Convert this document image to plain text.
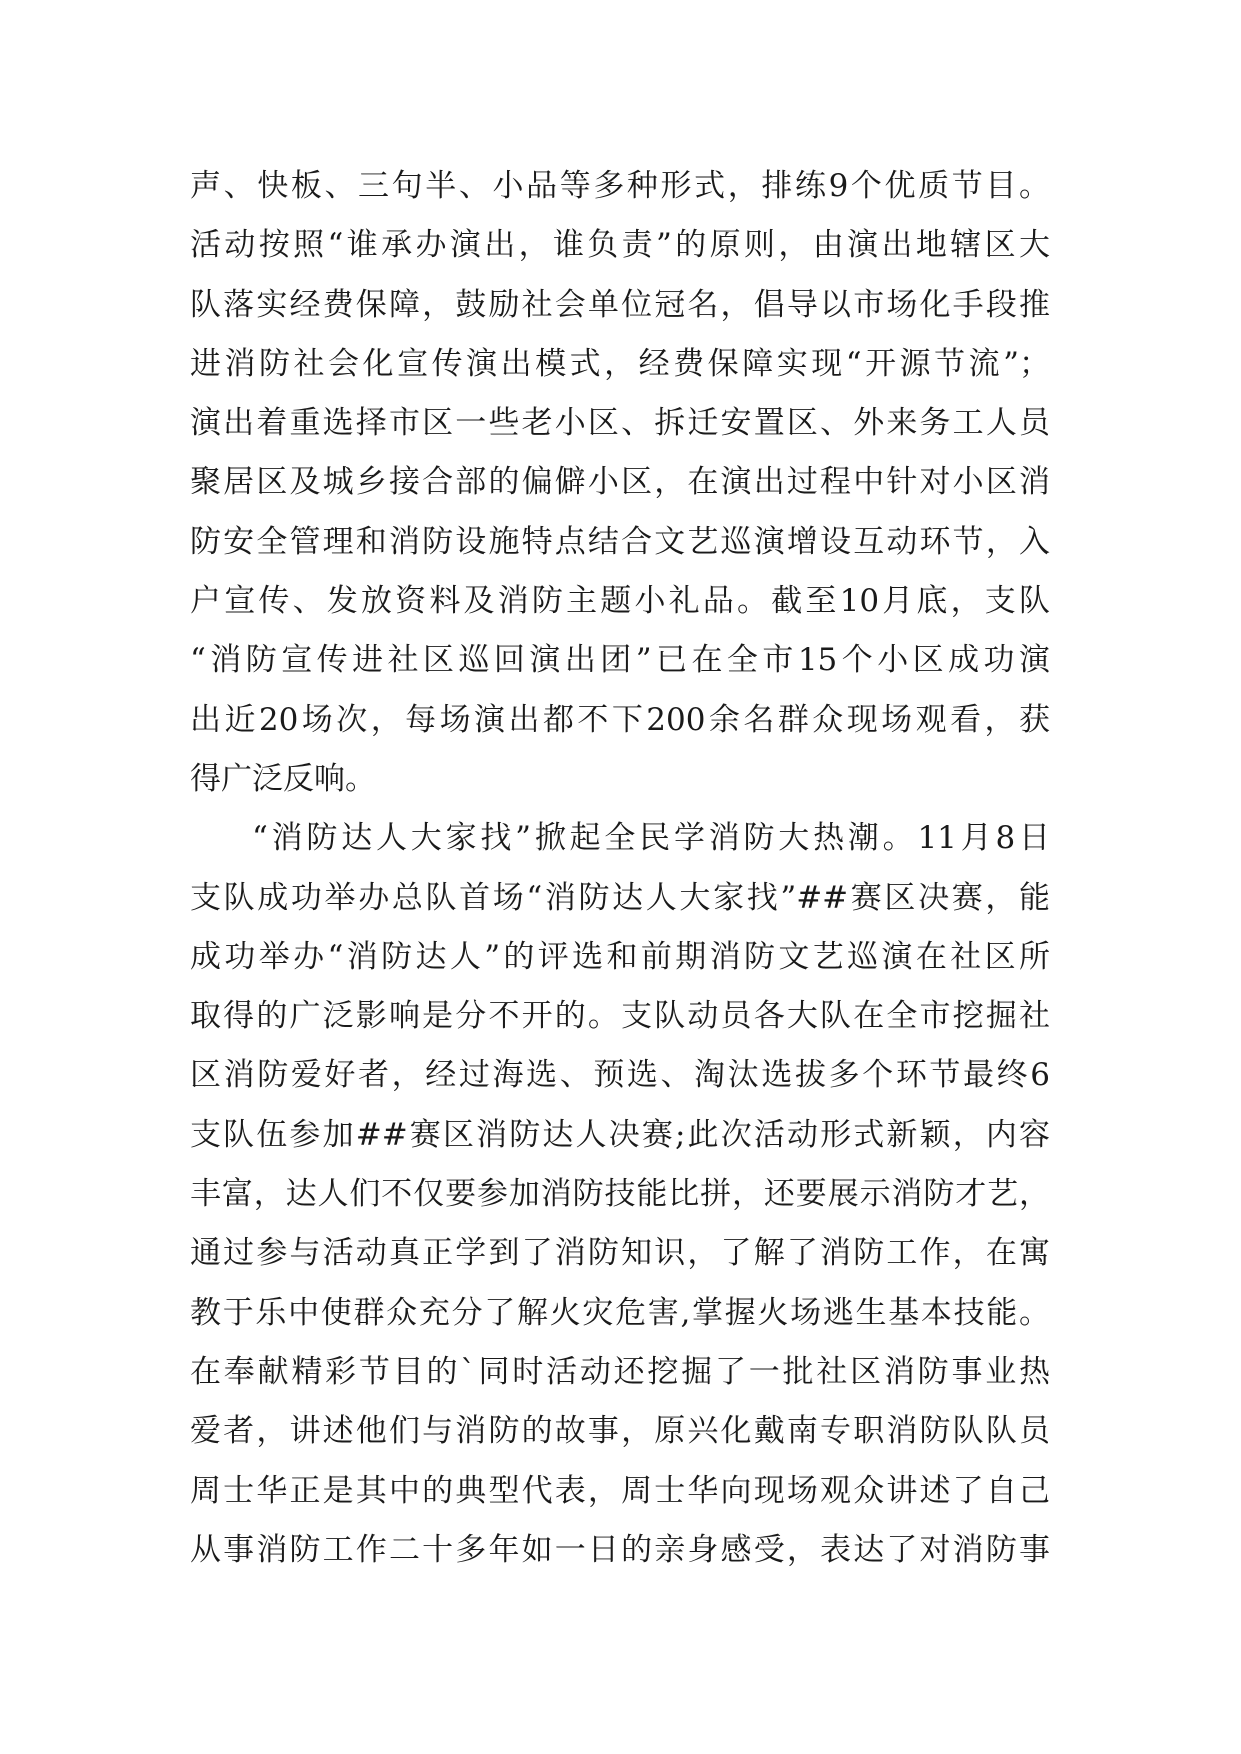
声、快板、三句半、小品等多种形式，排练9个优质节目。
活动按照“谁承办演出，谁负责”的原则，由演出地辖区大
队落实经费保障，鼓励社会单位冠名，倡导以市场化手段推
进消防社会化宣传演出模式，经费保障实现“开源节流”；
演出着重选择市区一些老小区、拆迁安置区、外来务工人员
聚居区及城乡接合部的偏僻小区，在演出过程中针对小区消
防安全管理和消防设施特点结合文艺巡演增设互动环节，入
户宣传、发放资料及消防主题小礼品。截至10月底，支队
“消防宣传进社区巡回演出团”已在全市15个小区成功演
出近20场次，每场演出都不下200余名群众现场观看，获
得广泛反响。
“消防达人大家找”掀起全民学消防大热潮。11月8日
支队成功举办总队首场“消防达人大家找”##赛区决赛，能
成功举办“消防达人”的评选和前期消防文艺巡演在社区所
取得的广泛影响是分不开的。支队动员各大队在全市挖掘社
区消防爱好者，经过海选、预选、淘汰选拔多个环节最终6
支队伍参加##赛区消防达人决赛;此次活动形式新颖，内容
丰富，达人们不仅要参加消防技能比拼，还要展示消防才艺，
通过参与活动真正学到了消防知识，了解了消防工作，在寓
教于乐中使群众充分了解火灾危害,掌握火场逃生基本技能。
在奉献精彩节目的`同时活动还挖掘了一批社区消防事业热
爱者，讲述他们与消防的故事，原兴化戴南专职消防队队员
周士华正是其中的典型代表，周士华向现场观众讲述了自己
从事消防工作二十多年如一日的亲身感受，表达了对消防事
